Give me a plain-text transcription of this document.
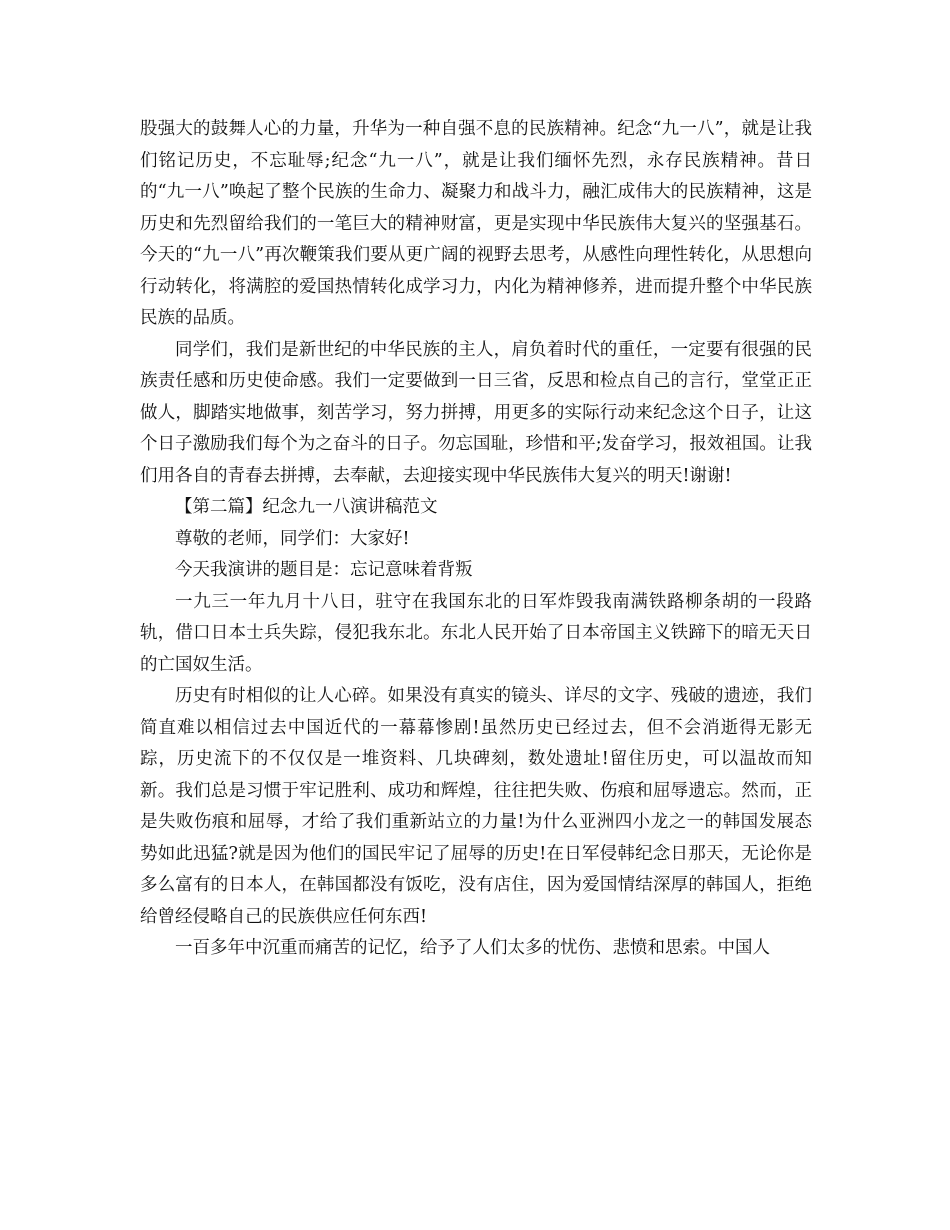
股强大的鼓舞人心的力量，升华为一种自强不息的民族精神。纪念“九一八”，就是让我们铭记历史，不忘耻辱;纪念“九一八”，就是让我们缅怀先烈，永存民族精神。昔日的“九一八”唤起了整个民族的生命力、凝聚力和战斗力，融汇成伟大的民族精神，这是历史和先烈留给我们的一笔巨大的精神财富，更是实现中华民族伟大复兴的坚强基石。今天的“九一八”再次鞭策我们要从更广阔的视野去思考，从感性向理性转化，从思想向行动转化，将满腔的爱国热情转化成学习力，内化为精神修养，进而提升整个中华民族民族的品质。

同学们，我们是新世纪的中华民族的主人，肩负着时代的重任，一定要有很强的民族责任感和历史使命感。我们一定要做到一日三省，反思和检点自己的言行，堂堂正正做人，脚踏实地做事，刻苦学习，努力拼搏，用更多的实际行动来纪念这个日子，让这个日子激励我们每个为之奋斗的日子。勿忘国耻，珍惜和平;发奋学习，报效祖国。让我们用各自的青春去拼搏，去奉献，去迎接实现中华民族伟大复兴的明天!谢谢!

【第二篇】纪念九一八演讲稿范文

尊敬的老师，同学们：大家好!

今天我演讲的题目是：忘记意味着背叛

一九三一年九月十八日，驻守在我国东北的日军炸毁我南满铁路柳条胡的一段路轨，借口日本士兵失踪，侵犯我东北。东北人民开始了日本帝国主义铁蹄下的暗无天日的亡国奴生活。

历史有时相似的让人心碎。如果没有真实的镜头、详尽的文字、残破的遗迹，我们简直难以相信过去中国近代的一幕幕惨剧!虽然历史已经过去，但不会消逝得无影无踪，历史流下的不仅仅是一堆资料、几块碑刻，数处遗址!留住历史，可以温故而知新。我们总是习惯于牢记胜利、成功和辉煌，往往把失败、伤痕和屈辱遗忘。然而，正是失败伤痕和屈辱，才给了我们重新站立的力量!为什么亚洲四小龙之一的韩国发展态势如此迅猛?就是因为他们的国民牢记了屈辱的历史!在日军侵韩纪念日那天，无论你是多么富有的日本人，在韩国都没有饭吃，没有店住，因为爱国情结深厚的韩国人，拒绝给曾经侵略自己的民族供应任何东西!

一百多年中沉重而痛苦的记忆，给予了人们太多的忧伤、悲愤和思索。中国人
